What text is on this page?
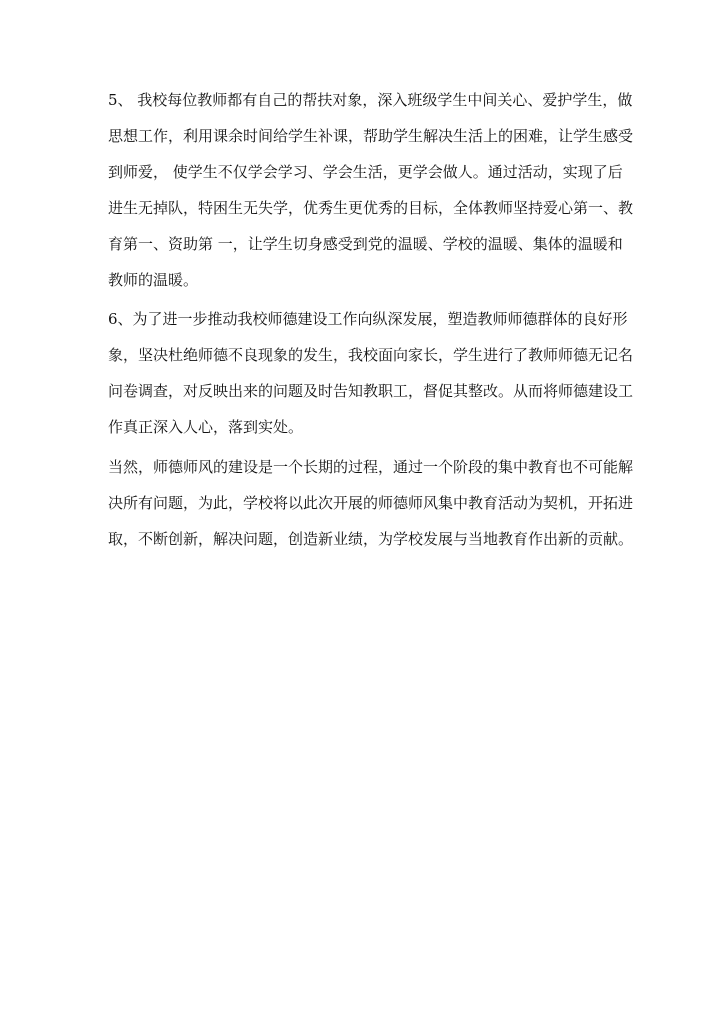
5、 我校每位教师都有自己的帮扶对象，深入班级学生中间关心、爱护学生，做
思想工作，利用课余时间给学生补课，帮助学生解决生活上的困难，让学生感受
到师爱， 使学生不仅学会学习、学会生活，更学会做人。通过活动，实现了后
进生无掉队，特困生无失学，优秀生更优秀的目标，全体教师坚持爱心第一、教
育第一、资助第 一，让学生切身感受到党的温暖、学校的温暖、集体的温暖和
教师的温暖。
6、为了进一步推动我校师德建设工作向纵深发展，塑造教师师德群体的良好形
象，坚决杜绝师德不良现象的发生，我校面向家长，学生进行了教师师德无记名
问卷调查，对反映出来的问题及时告知教职工，督促其整改。从而将师德建设工
作真正深入人心，落到实处。
当然，师德师风的建设是一个长期的过程，通过一个阶段的集中教育也不可能解
决所有问题，为此，学校将以此次开展的师德师风集中教育活动为契机，开拓进
取，不断创新，解决问题，创造新业绩，为学校发展与当地教育作出新的贡献。
